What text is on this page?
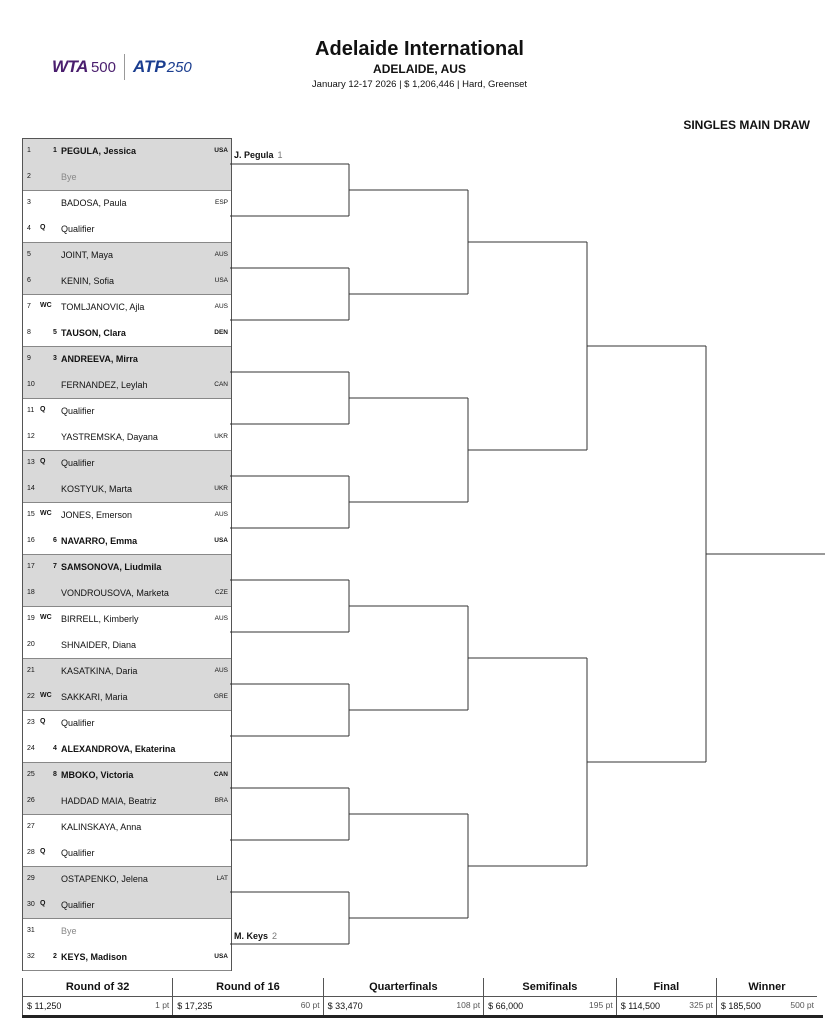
WTA 500 ATP 250
Adelaide International
ADELAIDE, AUS
January 12-17 2026 | $ 1,206,446 | Hard, Greenset
SINGLES MAIN DRAW
1	1 PEGULA, Jessica	USA
2	Bye
3	BADOSA, Paula	ESP
4 Q Qualifier
5	JOINT, Maya	AUS
6	KENIN, Sofia	USA
7 WC TOMLJANOVIC, Ajla	AUS
8	5 TAUSON, Clara	DEN
9	3 ANDREEVA, Mirra
10	FERNANDEZ, Leylah	CAN
11 Q Qualifier
12	YASTREMSKA, Dayana	UKR
13 Q Qualifier
14	KOSTYUK, Marta	UKR
15 WC JONES, Emerson	AUS
16	6 NAVARRO, Emma	USA
17	7 SAMSONOVA, Liudmila
18	VONDROUSOVA, Marketa	CZE
19 WC BIRRELL, Kimberly	AUS
20	SHNAIDER, Diana
21	KASATKINA, Daria	AUS
22 WC SAKKARI, Maria	GRE
23 Q Qualifier
24	4 ALEXANDROVA, Ekaterina
25	8 MBOKO, Victoria	CAN
26	HADDAD MAIA, Beatriz	BRA
27	KALINSKAYA, Anna
28 Q Qualifier
29	OSTAPENKO, Jelena	LAT
30 Q Qualifier
31	Bye
32	2 KEYS, Madison	USA
J. Pegula 1
M. Keys 2
Round of 32	Round of 16	Quarterfinals	Semifinals	Final	Winner
$ 11,250 1 pt	$ 17,235 60 pt	$ 33,470 108 pt	$ 66,000 195 pt	$ 114,500 325 pt	$ 185,500 500 pt
